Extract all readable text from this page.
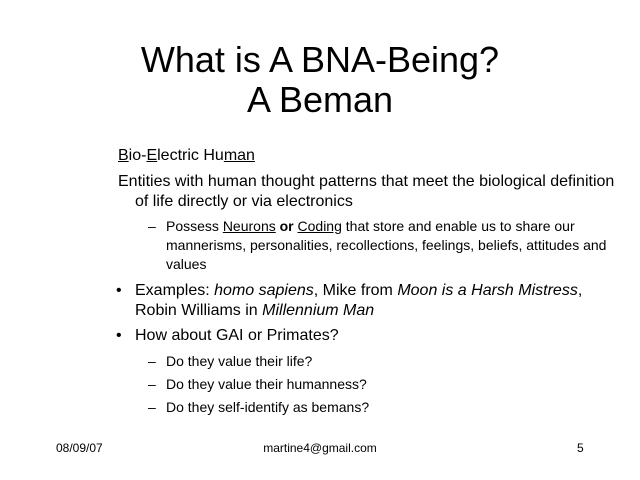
What is A BNA-Being?
A Beman
Bio-Electric Human
Entities with human thought patterns that meet the biological definition of life directly or via electronics
– Possess Neurons or Coding that store and enable us to share our mannerisms, personalities, recollections, feelings, beliefs, attitudes and values
• Examples: homo sapiens, Mike from Moon is a Harsh Mistress, Robin Williams in Millennium Man
• How about GAI or Primates?
– Do they value their life?
– Do they value their humanness?
– Do they self-identify as bemans?
08/09/07	martine4@gmail.com	5
